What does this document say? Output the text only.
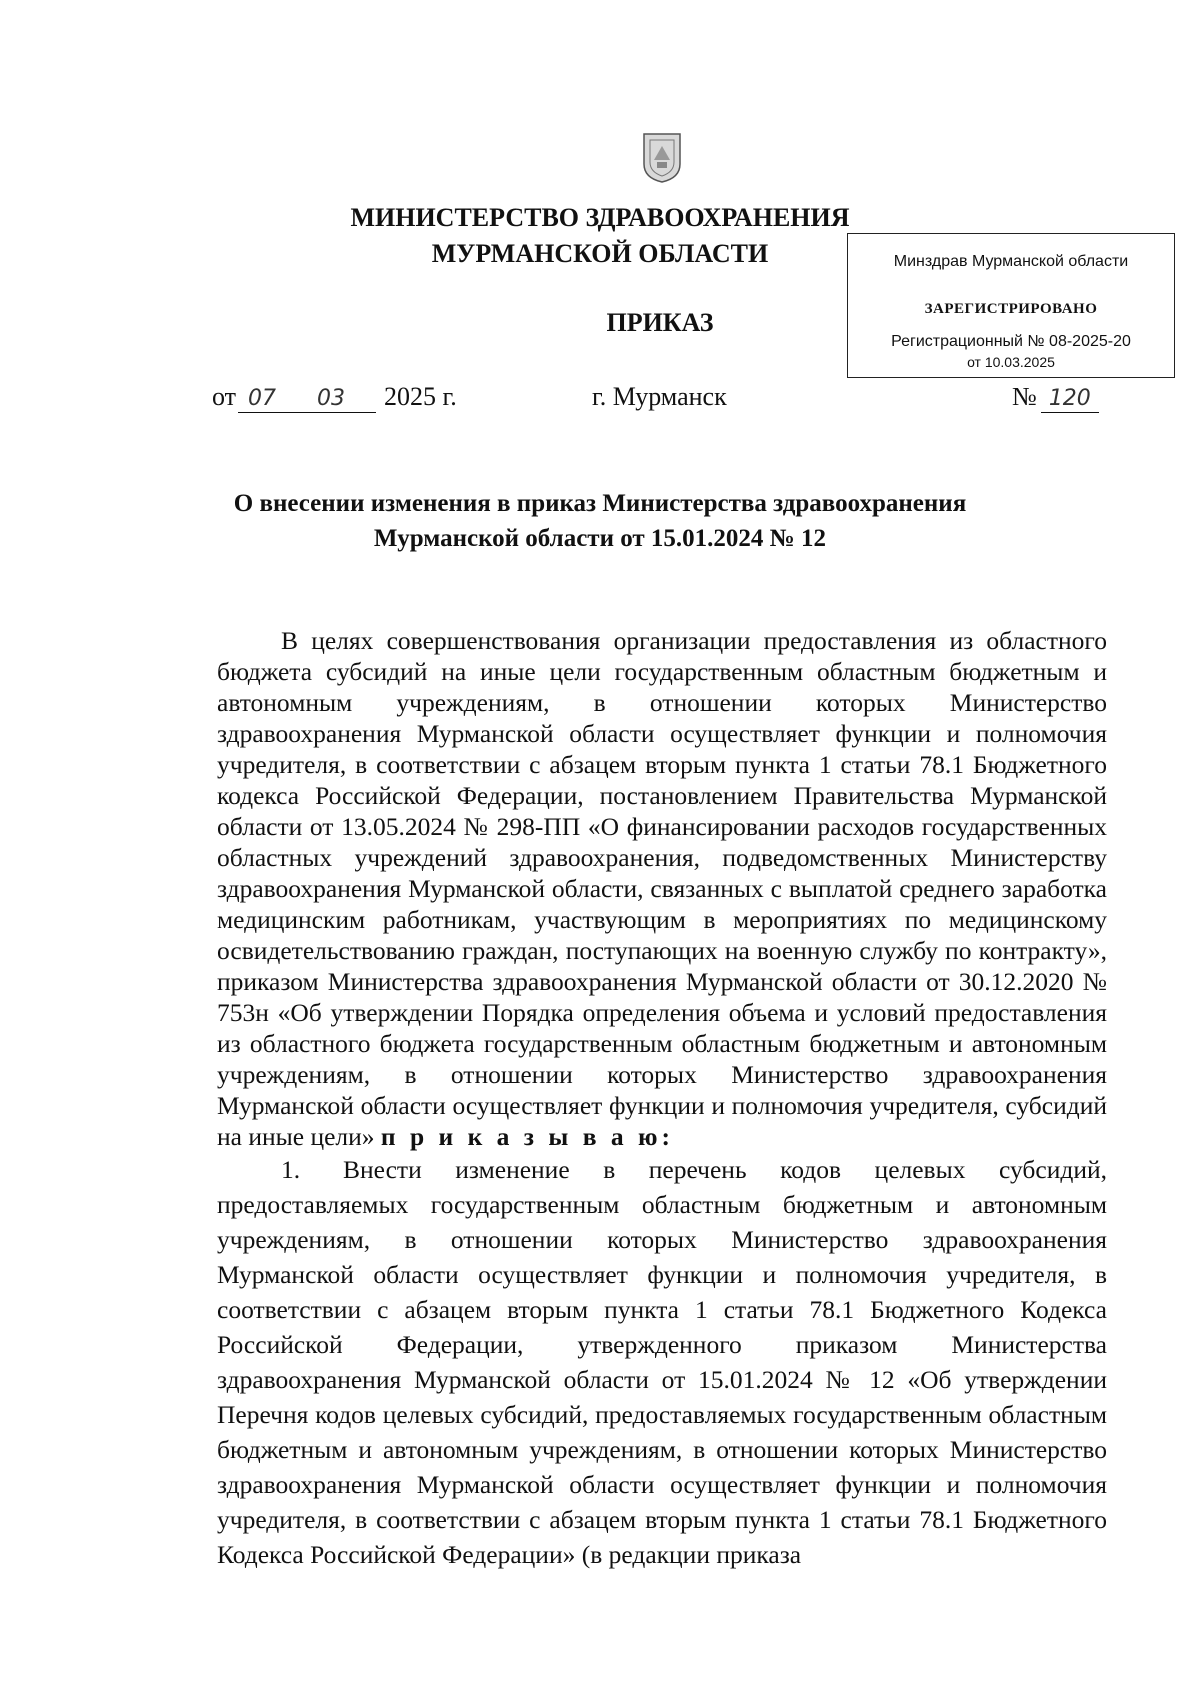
МИНИСТЕРСТВО ЗДРАВООХРАНЕНИЯ
МУРМАНСКОЙ ОБЛАСТИ	Минздрав Мурманской области
ЗАРЕГИСТРИРОВАНО
Регистрационный № 08-2025-20
от 10.03.2025
ПРИКАЗ
от 07	03	2025 г.	г. Мурманск	№ 120
О внесении изменения в приказ Министерства здравоохранения
Мурманской области от 15.01.2024 № 12

В целях совершенствования организации предоставления из областного бюджета субсидий на иные цели государственным областным бюджетным и автономным учреждениям, в отношении которых Министерство здравоохранения Мурманской области осуществляет функции и полномочия учредителя, в соответствии с абзацем вторым пункта 1 статьи 78.1 Бюджетного кодекса Российской Федерации, постановлением Правительства Мурманской области от 13.05.2024 № 298-ПП «О финансировании расходов государственных областных учреждений здравоохранения, подведомственных Министерству здравоохранения Мурманской области, связанных с выплатой среднего заработка медицинским работникам, участвующим в мероприятиях по медицинскому освидетельствованию граждан, поступающих на военную службу по контракту», приказом Министерства здравоохранения Мурманской области от 30.12.2020 № 753н «Об утверждении Порядка определения объема и условий предоставления из областного бюджета государственным областным бюджетным и автономным учреждениям, в отношении которых Министерство здравоохранения Мурманской области осуществляет функции и полномочия учредителя, субсидий на иные цели» п р и к а з ы в а ю:

1. Внести изменение в перечень кодов целевых субсидий, предоставляемых государственным областным бюджетным и автономным учреждениям, в отношении которых Министерство здравоохранения Мурманской области осуществляет функции и полномочия учредителя, в соответствии с абзацем вторым пункта 1 статьи 78.1 Бюджетного Кодекса Российской Федерации, утвержденного приказом Министерства здравоохранения Мурманской области от 15.01.2024 № 12 «Об утверждении Перечня кодов целевых субсидий, предоставляемых государственным областным бюджетным и автономным учреждениям, в отношении которых Министерство здравоохранения Мурманской области осуществляет функции и полномочия учредителя, в соответствии с абзацем вторым пункта 1 статьи 78.1 Бюджетного Кодекса Российской Федерации» (в редакции приказа
